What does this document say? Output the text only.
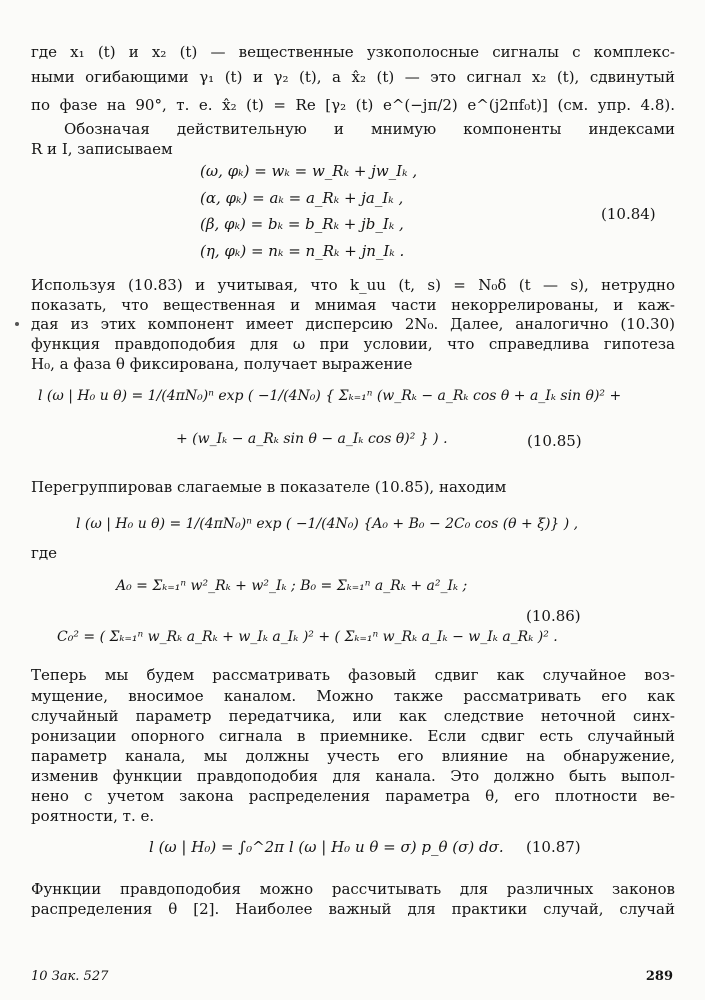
где x₁ (t) и x₂ (t) — вещественные узкополосные сигналы с комплекс-
ными огибающими γ₁ (t) и γ₂ (t), а x̂₂ (t) — это сигнал x₂ (t), сдвинутый
по фазе на 90°, т. е. x̂₂ (t) = Re [γ₂ (t) e^(−jπ/2) e^(j2πf₀t)] (см. упр. 4.8).
Обозначая действительную и мнимую компоненты индексами
R и I, записываем
(ω, φₖ) = wₖ = w_Rₖ + jw_Iₖ ,
(α, φₖ) = aₖ = a_Rₖ + ja_Iₖ ,
(β, φₖ) = bₖ = b_Rₖ + jb_Iₖ ,
(η, φₖ) = nₖ = n_Rₖ + jn_Iₖ .
(10.84)
Используя (10.83) и учитывая, что k_uu (t, s) = N₀δ (t — s), нетрудно
показать, что вещественная и мнимая части некоррелированы, и каж-
дая из этих компонент имеет дисперсию 2N₀. Далее, аналогично (10.30)
функция правдоподобия для ω при условии, что справедлива гипотеза
H₀, а фаза θ фиксирована, получает выражение
l (ω | H₀ и θ) = 1/(4πN₀)ⁿ exp ( −1/(4N₀) { Σₖ₌₁ⁿ (w_Rₖ − a_Rₖ cos θ + a_Iₖ sin θ)² +
+ (w_Iₖ − a_Rₖ sin θ − a_Iₖ cos θ)² } ) .	(10.85)
Перегруппировав слагаемые в показателе (10.85), находим
l (ω | H₀ и θ) = 1/(4πN₀)ⁿ exp ( −1/(4N₀) {A₀ + B₀ − 2C₀ cos (θ + ξ)} ) ,
где
A₀ = Σₖ₌₁ⁿ w²_Rₖ + w²_Iₖ ; B₀ = Σₖ₌₁ⁿ a_Rₖ + a²_Iₖ ;
C₀² = ( Σₖ₌₁ⁿ w_Rₖ a_Rₖ + w_Iₖ a_Iₖ )² + ( Σₖ₌₁ⁿ w_Rₖ a_Iₖ − w_Iₖ a_Rₖ )² .
(10.86)
Теперь мы будем рассматривать фазовый сдвиг как случайное воз-
мущение, вносимое каналом. Можно также рассматривать его как
случайный параметр передатчика, или как следствие неточной синх-
ронизации опорного сигнала в приемнике. Если сдвиг есть случайный
параметр канала, мы должны учесть его влияние на обнаружение,
изменив функции правдоподобия для канала. Это должно быть выпол-
нено с учетом закона распределения параметра θ, его плотности ве-
роятности, т. е.
l (ω | H₀) = ∫₀^2π l (ω | H₀ и θ = σ) p_θ (σ) dσ. (10.87)
Функции правдоподобия можно рассчитывать для различных законов
распределения θ [2]. Наиболее важный для практики случай, случай
10 Зак. 527	289
